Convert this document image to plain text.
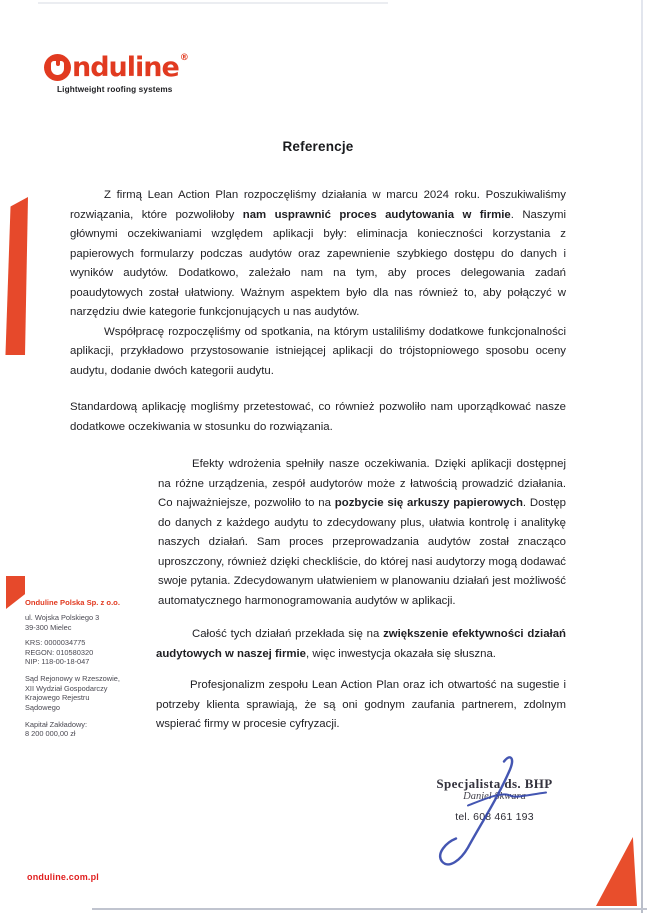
nduline ®
Lightweight roofing systems
Referencje

Z firmą Lean Action Plan rozpoczęliśmy działania w marcu 2024 roku. Poszukiwaliśmy rozwiązania, które pozwoliłoby nam usprawnić proces audytowania w firmie. Naszymi głównymi oczekiwaniami względem aplikacji były: eliminacja konieczności korzystania z papierowych formularzy podczas audytów oraz zapewnienie szybkiego dostępu do danych i wyników audytów. Dodatkowo, zależało nam na tym, aby proces delegowania zadań poaudytowych został ułatwiony. Ważnym aspektem było dla nas również to, aby połączyć w narzędziu dwie kategorie funkcjonujących u nas audytów.

Współpracę rozpoczęliśmy od spotkania, na którym ustaliliśmy dodatkowe funkcjonalności aplikacji, przykładowo przystosowanie istniejącej aplikacji do trójstopniowego sposobu oceny audytu, dodanie dwóch kategorii audytu.

Standardową aplikację mogliśmy przetestować, co również pozwoliło nam uporządkować nasze dodatkowe oczekiwania w stosunku do rozwiązania.

Efekty wdrożenia spełniły nasze oczekiwania. Dzięki aplikacji dostępnej na różne urządzenia, zespół audytorów może z łatwością prowadzić działania. Co najważniejsze, pozwoliło to na pozbycie się arkuszy papierowych. Dostęp do danych z każdego audytu to zdecydowany plus, ułatwia kontrolę i analitykę naszych działań. Sam proces przeprowadzania audytów został znacząco uproszczony, również dzięki checkliście, do której nasi audytorzy mogą dodawać swoje pytania. Zdecydowanym ułatwieniem w planowaniu działań jest możliwość automatycznego harmonogramowania audytów w aplikacji.

Całość tych działań przekłada się na zwiększenie efektywności działań audytowych w naszej firmie, więc inwestycja okazała się słuszna.

Profesjonalizm zespołu Lean Action Plan oraz ich otwartość na sugestie i potrzeby klienta sprawiają, że są oni godnym zaufania partnerem, zdolnym wspierać firmy w procesie cyfryzacji.

Onduline Polska Sp. z o.o.
ul. Wojska Polskiego 3
39-300 Mielec
KRS: 0000034775
REGON: 010580320
NIP: 118-00-18-047
Sąd Rejonowy w Rzeszowie,
XII Wydział Gospodarczy
Krajowego Rejestru
Sądowego
Kapitał Zakładowy:
8 200 000,00 zł
Specjalista ds. BHP
Daniel Skwara
tel. 608 461 193
onduline.com.pl
